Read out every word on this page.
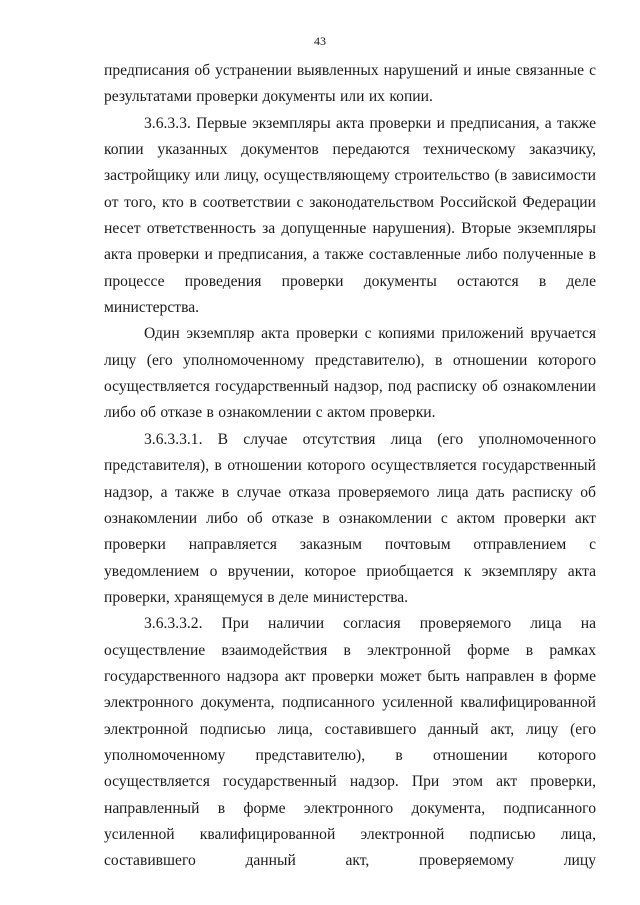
43

предписания об устранении выявленных нарушений и иные связанные с результатами проверки документы или их копии.

3.6.3.3. Первые экземпляры акта проверки и предписания, а также копии указанных документов передаются техническому заказчику, застройщику или лицу, осуществляющему строительство (в зависимости от того, кто в соответствии с законодательством Российской Федерации несет ответственность за допущенные нарушения). Вторые экземпляры акта проверки и предписания, а также составленные либо полученные в процессе проведения проверки документы остаются в деле министерства.

Один экземпляр акта проверки с копиями приложений вручается лицу (его уполномоченному представителю), в отношении которого осуществляется государственный надзор, под расписку об ознакомлении либо об отказе в ознакомлении с актом проверки.

3.6.3.3.1. В случае отсутствия лица (его уполномоченного представителя), в отношении которого осуществляется государственный надзор, а также в случае отказа проверяемого лица дать расписку об ознакомлении либо об отказе в ознакомлении с актом проверки акт проверки направляется заказным почтовым отправлением с уведомлением о вручении, которое приобщается к экземпляру акта проверки, хранящемуся в деле министерства.

3.6.3.3.2. При наличии согласия проверяемого лица на осуществление взаимодействия в электронной форме в рамках государственного надзора акт проверки может быть направлен в форме электронного документа, подписанного усиленной квалифицированной электронной подписью лица, составившего данный акт, лицу (его уполномоченному представителю), в отношении которого осуществляется государственный надзор. При этом акт проверки, направленный в форме электронного документа, подписанного усиленной квалифицированной электронной подписью лица, составившего данный акт, проверяемому лицу
